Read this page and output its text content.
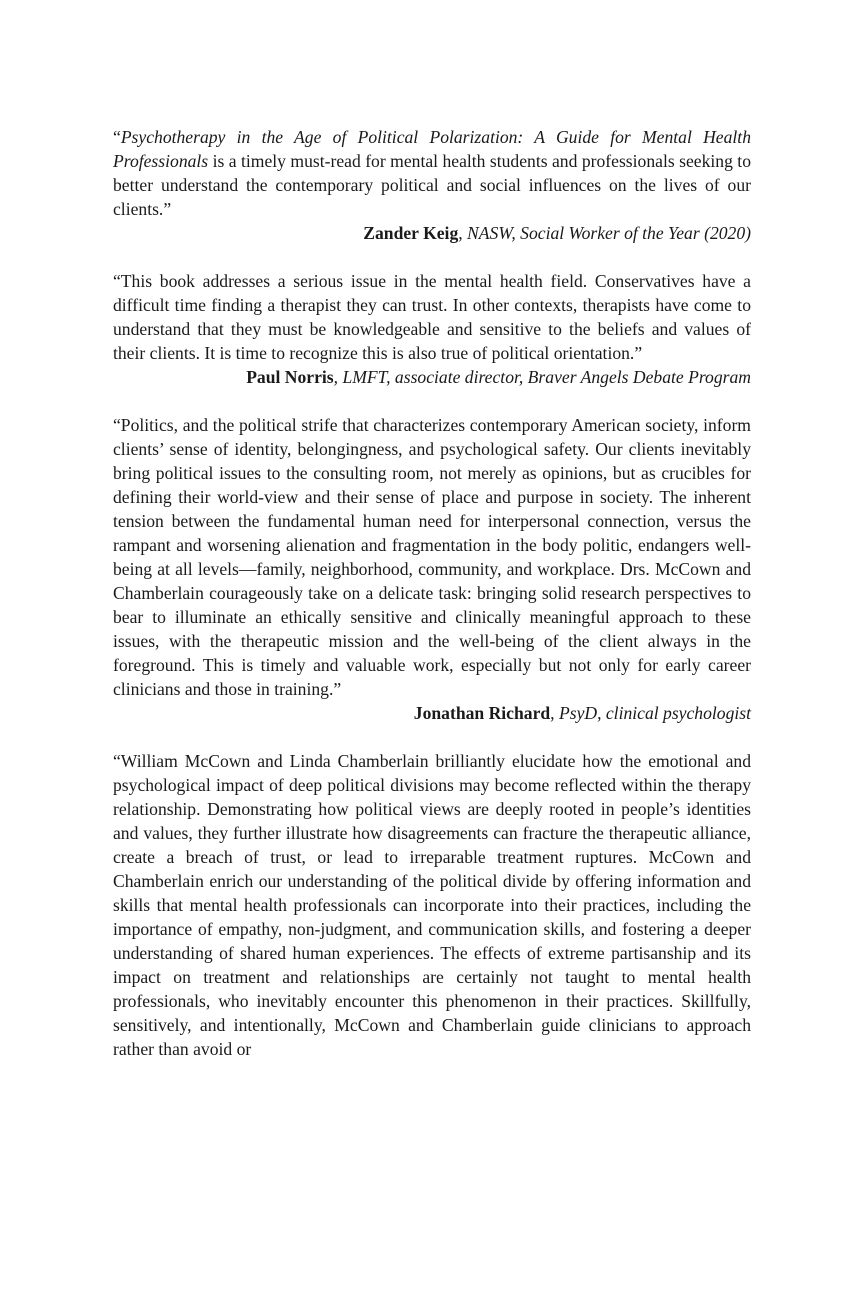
“Psychotherapy in the Age of Political Polarization: A Guide for Mental Health Professionals is a timely must-read for mental health students and professionals seeking to better understand the contemporary political and social influences on the lives of our clients.”

Zander Keig, NASW, Social Worker of the Year (2020)

“This book addresses a serious issue in the mental health field. Conservatives have a difficult time finding a therapist they can trust. In other contexts, therapists have come to understand that they must be knowledgeable and sensitive to the beliefs and values of their clients. It is time to recognize this is also true of political orientation.”

Paul Norris, LMFT, associate director, Braver Angels Debate Program

“Politics, and the political strife that characterizes contemporary American society, inform clients’ sense of identity, belongingness, and psychological safety. Our clients inevitably bring political issues to the consulting room, not merely as opinions, but as crucibles for defining their world-view and their sense of place and purpose in society. The inherent tension between the fundamental human need for interpersonal connection, versus the rampant and worsening alienation and fragmentation in the body politic, endangers well-being at all levels—family, neighborhood, community, and workplace. Drs. McCown and Chamberlain courageously take on a delicate task: bringing solid research perspectives to bear to illuminate an ethically sensitive and clinically meaningful approach to these issues, with the therapeutic mission and the well-being of the client always in the foreground. This is timely and valuable work, especially but not only for early career clinicians and those in training.”

Jonathan Richard, PsyD, clinical psychologist

“William McCown and Linda Chamberlain brilliantly elucidate how the emotional and psychological impact of deep political divisions may become reflected within the therapy relationship. Demonstrating how political views are deeply rooted in people’s identities and values, they further illustrate how disagreements can fracture the therapeutic alliance, create a breach of trust, or lead to irreparable treatment ruptures. McCown and Chamberlain enrich our understanding of the political divide by offering information and skills that mental health professionals can incorporate into their practices, including the importance of empathy, non-judgment, and communication skills, and fostering a deeper understanding of shared human experiences. The effects of extreme partisanship and its impact on treatment and relationships are certainly not taught to mental health professionals, who inevitably encounter this phenomenon in their practices. Skillfully, sensitively, and intentionally, McCown and Chamberlain guide clinicians to approach rather than avoid or
